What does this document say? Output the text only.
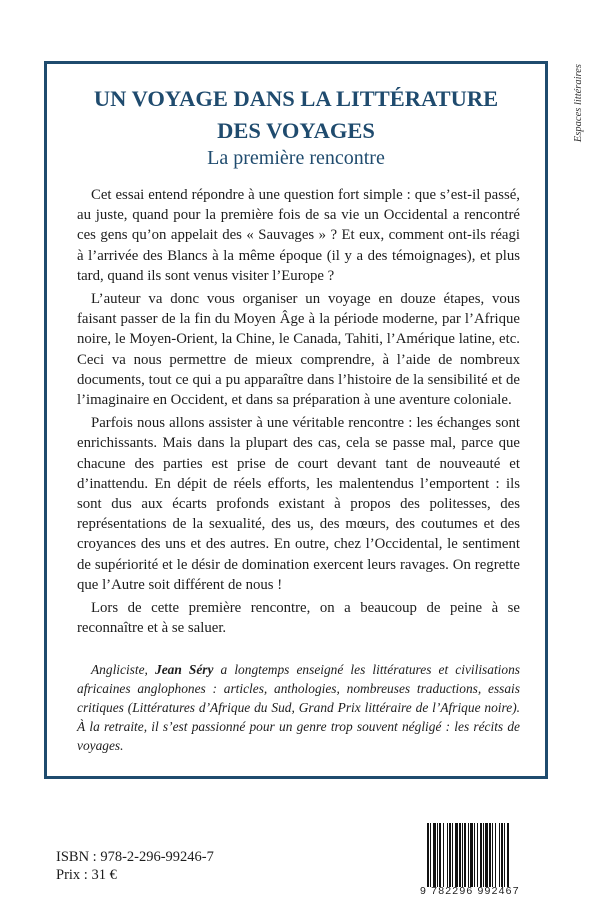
Espaces littéraires
UN VOYAGE DANS LA LITTÉRATURE
DES VOYAGES
La première rencontre

Cet essai entend répondre à une question fort simple : que s’est-il passé, au juste, quand pour la première fois de sa vie un Occidental a rencontré ces gens qu’on appelait des « Sauvages » ? Et eux, comment ont-ils réagi à l’arrivée des Blancs à la même époque (il y a des témoignages), et plus tard, quand ils sont venus visiter l’Europe ?

L’auteur va donc vous organiser un voyage en douze étapes, vous faisant passer de la fin du Moyen Âge à la période moderne, par l’Afrique noire, le Moyen-Orient, la Chine, le Canada, Tahiti, l’Amérique latine, etc. Ceci va nous permettre de mieux comprendre, à l’aide de nombreux documents, tout ce qui a pu apparaître dans l’histoire de la sensibilité et de l’imaginaire en Occident, et dans sa préparation à une aventure coloniale.

Parfois nous allons assister à une véritable rencontre : les échanges sont enrichissants. Mais dans la plupart des cas, cela se passe mal, parce que chacune des parties est prise de court devant tant de nouveauté et d’inattendu. En dépit de réels efforts, les malentendus l’emportent : ils sont dus aux écarts profonds existant à propos des politesses, des représentations de la sexualité, des us, des mœurs, des coutumes et des croyances des uns et des autres. En outre, chez l’Occidental, le sentiment de supériorité et le désir de domination exercent leurs ravages. On regrette que l’Autre soit différent de nous !

Lors de cette première rencontre, on a beaucoup de peine à se reconnaître et à se saluer.

Angliciste, Jean Séry a longtemps enseigné les littératures et civilisations africaines anglophones : articles, anthologies, nombreuses traductions, essais critiques (Littératures d’Afrique du Sud, Grand Prix littéraire de l’Afrique noire). À la retraite, il s’est passionné pour un genre trop souvent négligé : les récits de voyages.
ISBN : 978-2-296-99246-7
Prix : 31 €
9 782296 992467
